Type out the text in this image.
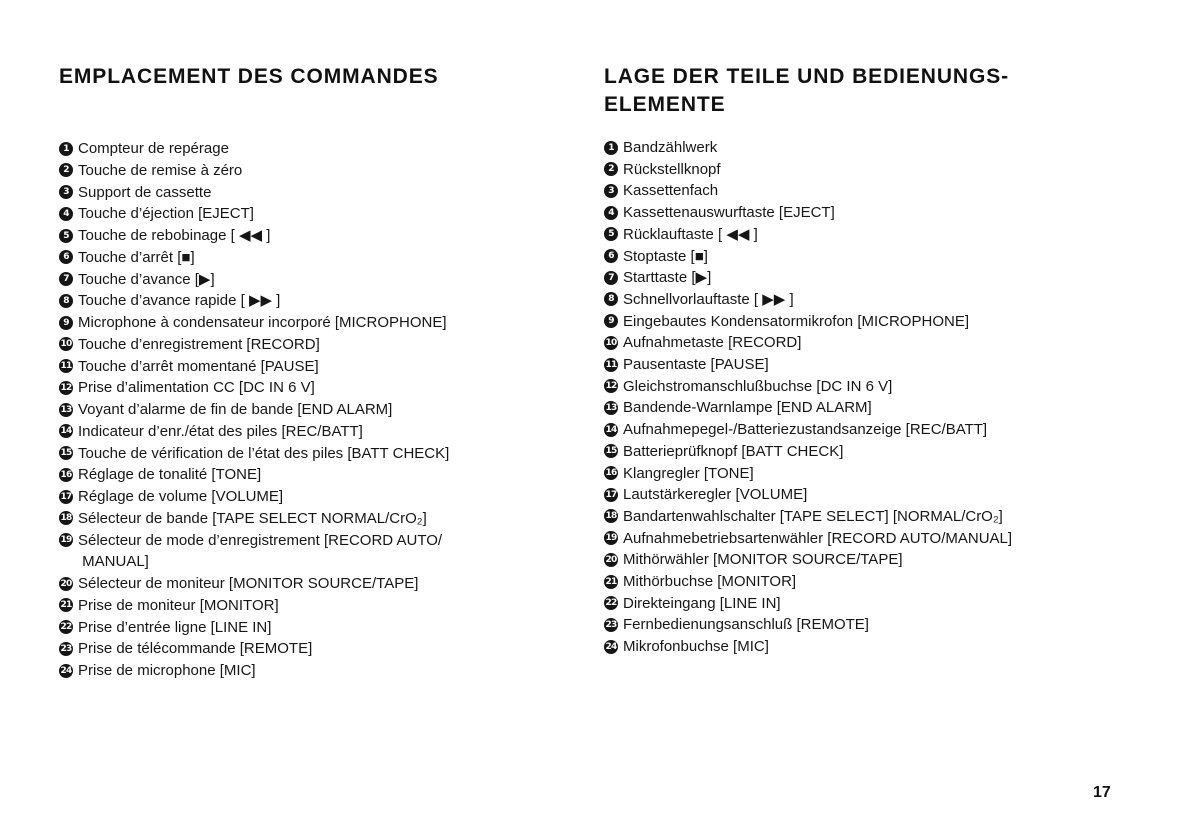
EMPLACEMENT DES COMMANDES
1 Compteur de repérage
2 Touche de remise à zéro
3 Support de cassette
4 Touche d’éjection [EJECT]
5 Touche de rebobinage [ ◀◀ ]
6 Touche d’arrêt [■]
7 Touche d’avance [▶]
8 Touche d’avance rapide [ ▶▶ ]
9 Microphone à condensateur incorporé [MICROPHONE]
10 Touche d’enregistrement [RECORD]
11 Touche d’arrêt momentané [PAUSE]
12 Prise d’alimentation CC [DC IN 6 V]
13 Voyant d’alarme de fin de bande [END ALARM]
14 Indicateur d’enr./état des piles [REC/BATT]
15 Touche de vérification de l’état des piles [BATT CHECK]
16 Réglage de tonalité [TONE]
17 Réglage de volume [VOLUME]
18 Sélecteur de bande [TAPE SELECT NORMAL/CrO₂]
19 Sélecteur de mode d’enregistrement [RECORD AUTO/
MANUAL]
20 Sélecteur de moniteur [MONITOR SOURCE/TAPE]
21 Prise de moniteur [MONITOR]
22 Prise d’entrée ligne [LINE IN]
23 Prise de télécommande [REMOTE]
24 Prise de microphone [MIC]
LAGE DER TEILE UND BEDIENUNGS-
ELEMENTE
1 Bandzählwerk
2 Rückstellknopf
3 Kassettenfach
4 Kassettenauswurftaste [EJECT]
5 Rücklauftaste [ ◀◀ ]
6 Stoptaste [■]
7 Starttaste [▶]
8 Schnellvorlauftaste [ ▶▶ ]
9 Eingebautes Kondensatormikrofon [MICROPHONE]
10 Aufnahmetaste [RECORD]
11 Pausentaste [PAUSE]
12 Gleichstromanschlußbuchse [DC IN 6 V]
13 Bandende-Warnlampe [END ALARM]
14 Aufnahmepegel-/Batteriezustandsanzeige [REC/BATT]
15 Batterieprüfknopf [BATT CHECK]
16 Klangregler [TONE]
17 Lautstärkeregler [VOLUME]
18 Bandartenwahlschalter [TAPE SELECT] [NORMAL/CrO₂]
19 Aufnahmebetriebsartenwähler [RECORD AUTO/MANUAL]
20 Mithörwähler [MONITOR SOURCE/TAPE]
21 Mithörbuchse [MONITOR]
22 Direkteingang [LINE IN]
23 Fernbedienungsanschluß [REMOTE]
24 Mikrofonbuchse [MIC]
17
